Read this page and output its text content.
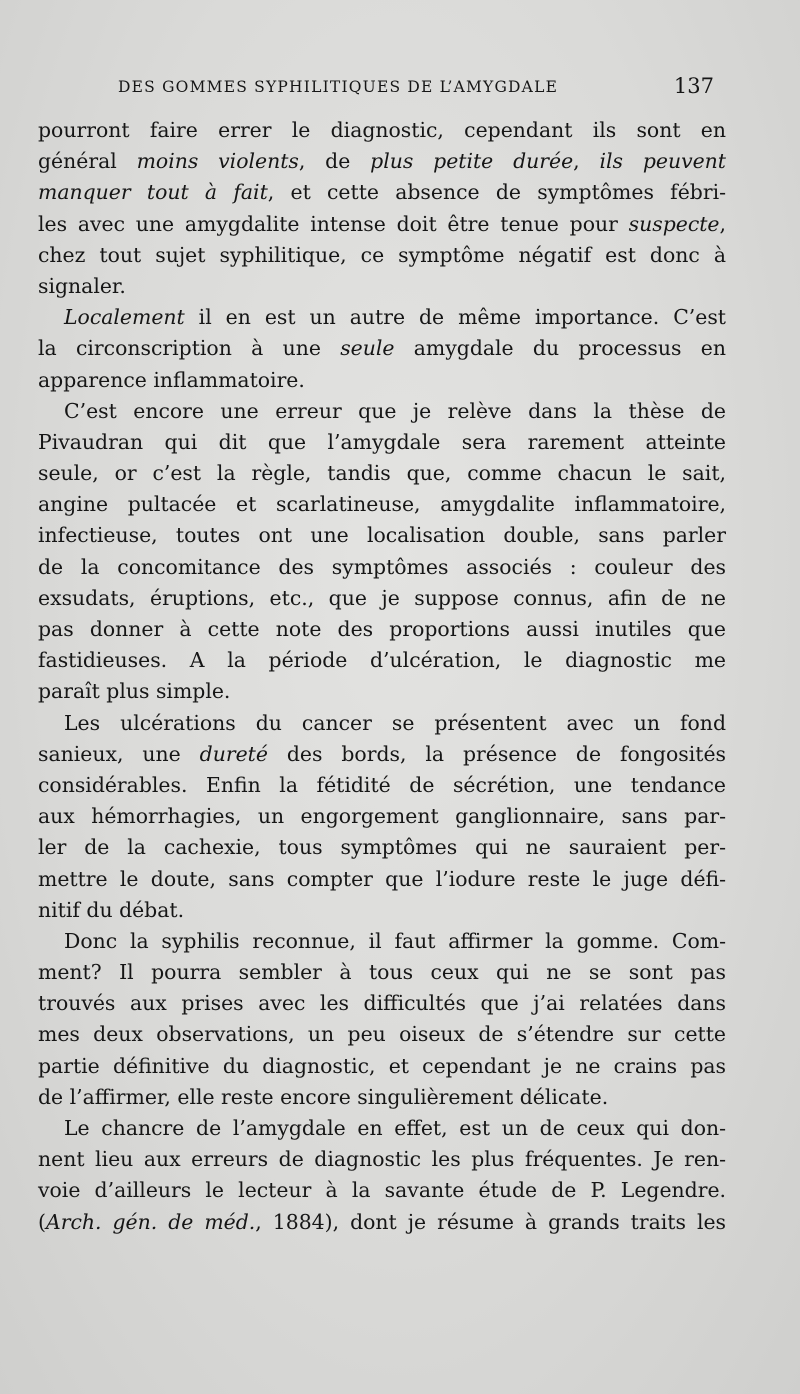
DES GOMMES SYPHILITIQUES DE L’AMYGDALE	137
pourront faire errer le diagnostic, cependant ils sont en
général moins violents, de plus petite durée, ils peuvent
manquer tout à fait, et cette absence de symptômes fébri-
les avec une amygdalite intense doit être tenue pour suspecte,
chez tout sujet syphilitique, ce symptôme négatif est donc à
signaler.
Localement il en est un autre de même importance. C’est
la circonscription à une seule amygdale du processus en
apparence inflammatoire.
C’est encore une erreur que je relève dans la thèse de
Pivaudran qui dit que l’amygdale sera rarement atteinte
seule, or c’est la règle, tandis que, comme chacun le sait,
angine pultacée et scarlatineuse, amygdalite inflammatoire,
infectieuse, toutes ont une localisation double, sans parler
de la concomitance des symptômes associés : couleur des
exsudats, éruptions, etc., que je suppose connus, afin de ne
pas donner à cette note des proportions aussi inutiles que
fastidieuses. A la période d’ulcération, le diagnostic me
paraît plus simple.
Les ulcérations du cancer se présentent avec un fond
sanieux, une dureté des bords, la présence de fongosités
considérables. Enfin la fétidité de sécrétion, une tendance
aux hémorrhagies, un engorgement ganglionnaire, sans par-
ler de la cachexie, tous symptômes qui ne sauraient per-
mettre le doute, sans compter que l’iodure reste le juge défi-
nitif du débat.
Donc la syphilis reconnue, il faut affirmer la gomme. Com-
ment? Il pourra sembler à tous ceux qui ne se sont pas
trouvés aux prises avec les difficultés que j’ai relatées dans
mes deux observations, un peu oiseux de s’étendre sur cette
partie définitive du diagnostic, et cependant je ne crains pas
de l’affirmer, elle reste encore singulièrement délicate.
Le chancre de l’amygdale en effet, est un de ceux qui don-
nent lieu aux erreurs de diagnostic les plus fréquentes. Je ren-
voie d’ailleurs le lecteur à la savante étude de P. Legendre.
(Arch. gén. de méd., 1884), dont je résume à grands traits les
